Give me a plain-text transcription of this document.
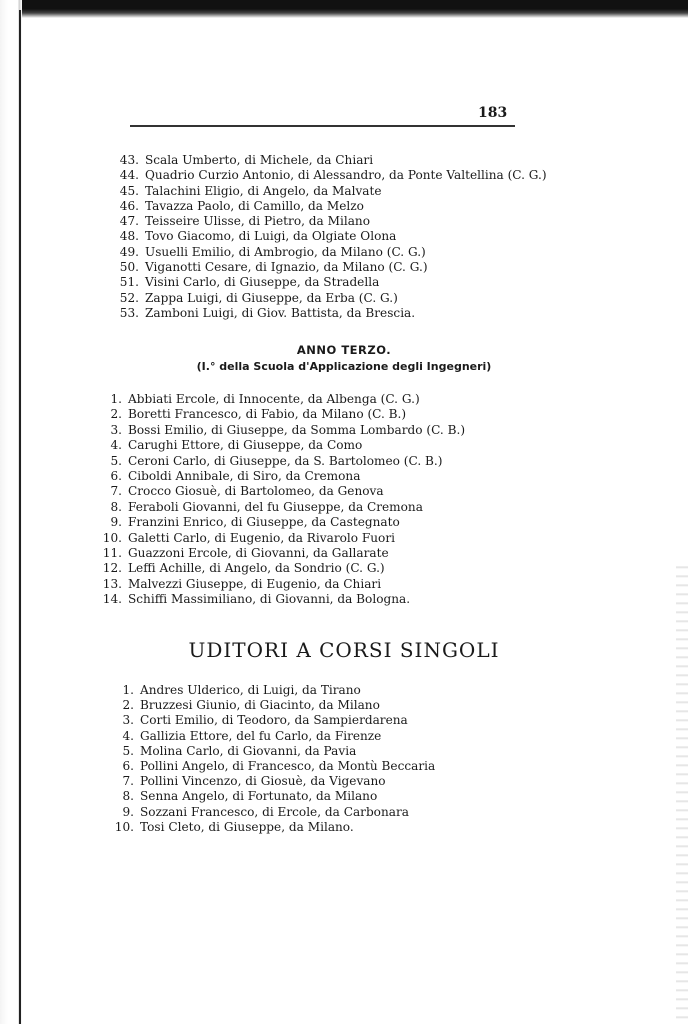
183
43. Scala Umberto, di Michele, da Chiari
44. Quadrio Curzio Antonio, di Alessandro, da Ponte Valtellina (C. G.)
45. Talachini Eligio, di Angelo, da Malvate
46. Tavazza Paolo, di Camillo, da Melzo
47. Teisseire Ulisse, di Pietro, da Milano
48. Tovo Giacomo, di Luigi, da Olgiate Olona
49. Usuelli Emilio, di Ambrogio, da Milano (C. G.)
50. Viganotti Cesare, di Ignazio, da Milano (C. G.)
51. Visini Carlo, di Giuseppe, da Stradella
52. Zappa Luigi, di Giuseppe, da Erba (C. G.)
53. Zamboni Luigi, di Giov. Battista, da Brescia.
ANNO TERZO.
(I.° della Scuola d'Applicazione degli Ingegneri)
1. Abbiati Ercole, di Innocente, da Albenga (C. G.)
2. Boretti Francesco, di Fabio, da Milano (C. B.)
3. Bossi Emilio, di Giuseppe, da Somma Lombardo (C. B.)
4. Carughi Ettore, di Giuseppe, da Como
5. Ceroni Carlo, di Giuseppe, da S. Bartolomeo (C. B.)
6. Ciboldi Annibale, di Siro, da Cremona
7. Crocco Giosuè, di Bartolomeo, da Genova
8. Feraboli Giovanni, del fu Giuseppe, da Cremona
9. Franzini Enrico, di Giuseppe, da Castegnato
10. Galetti Carlo, di Eugenio, da Rivarolo Fuori
11. Guazzoni Ercole, di Giovanni, da Gallarate
12. Leffi Achille, di Angelo, da Sondrio (C. G.)
13. Malvezzi Giuseppe, di Eugenio, da Chiari
14. Schiffi Massimiliano, di Giovanni, da Bologna.
UDITORI A CORSI SINGOLI
1. Andres Ulderico, di Luigi, da Tirano
2. Bruzzesi Giunio, di Giacinto, da Milano
3. Corti Emilio, di Teodoro, da Sampierdarena
4. Gallizia Ettore, del fu Carlo, da Firenze
5. Molina Carlo, di Giovanni, da Pavia
6. Pollini Angelo, di Francesco, da Montù Beccaria
7. Pollini Vincenzo, di Giosuè, da Vigevano
8. Senna Angelo, di Fortunato, da Milano
9. Sozzani Francesco, di Ercole, da Carbonara
10. Tosi Cleto, di Giuseppe, da Milano.
